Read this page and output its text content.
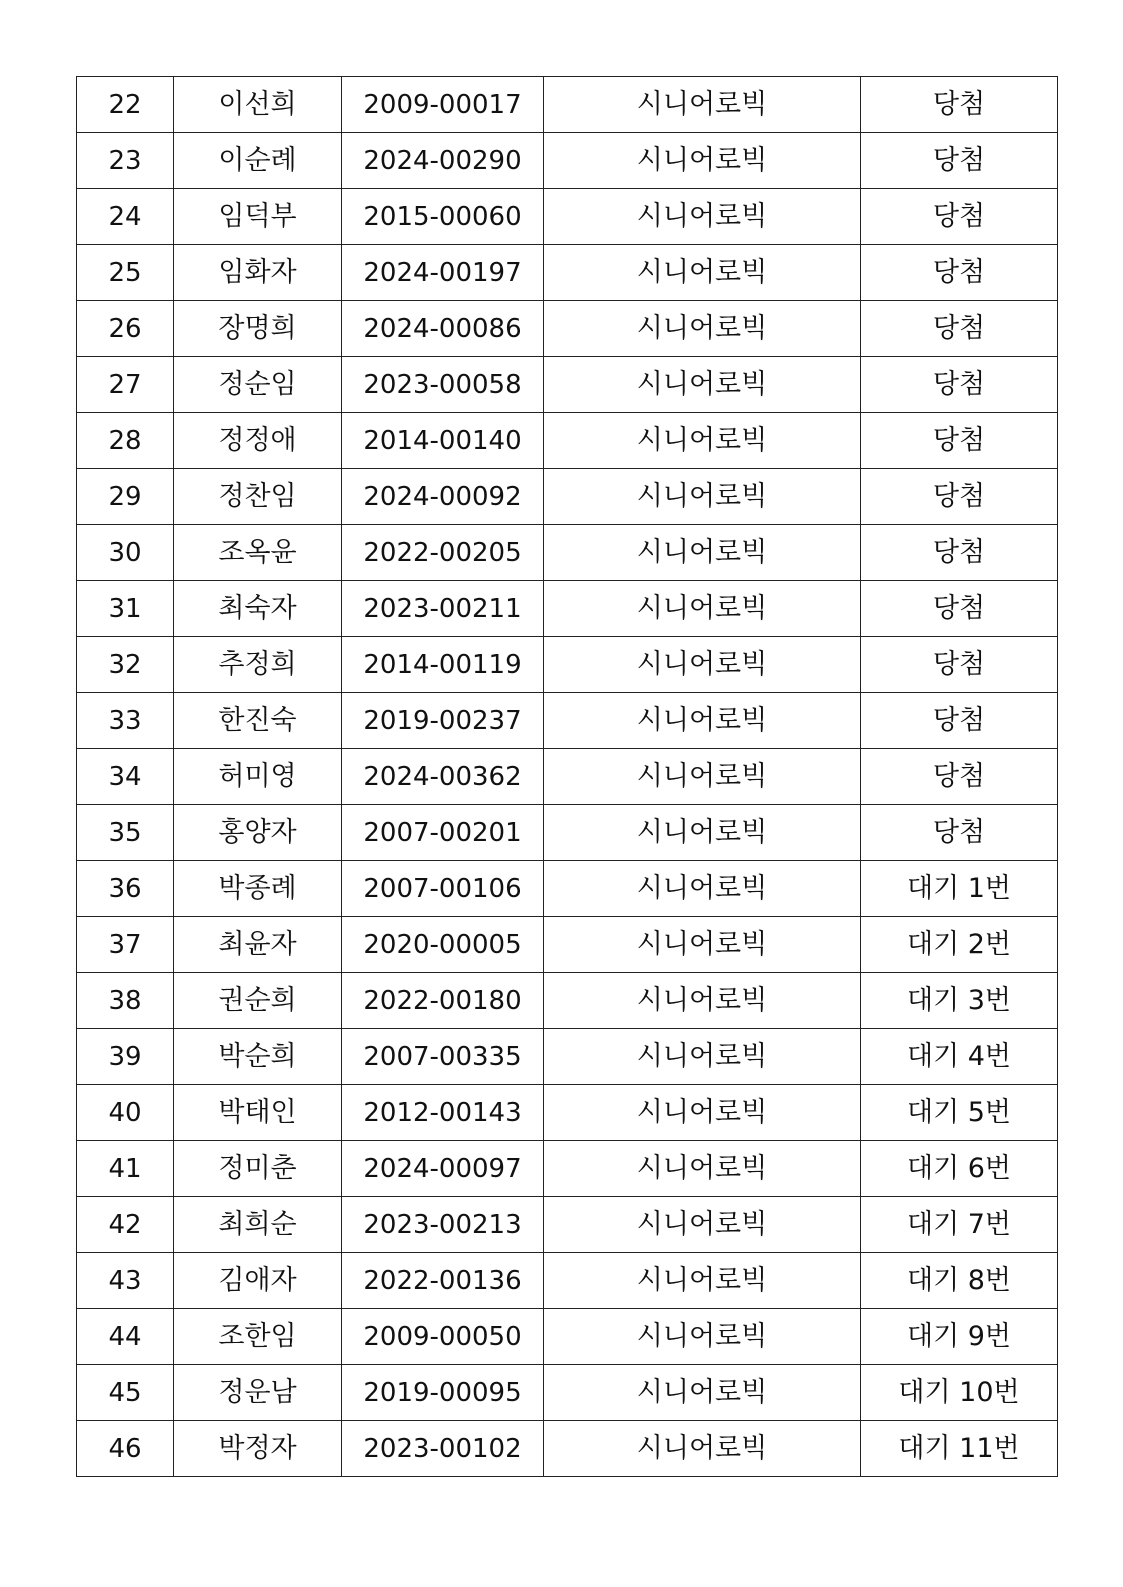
22	이선희	2009-00017	시니어로빅	당첨
23	이순례	2024-00290	시니어로빅	당첨
24	임덕부	2015-00060	시니어로빅	당첨
25	임화자	2024-00197	시니어로빅	당첨
26	장명희	2024-00086	시니어로빅	당첨
27	정순임	2023-00058	시니어로빅	당첨
28	정정애	2014-00140	시니어로빅	당첨
29	정찬임	2024-00092	시니어로빅	당첨
30	조옥윤	2022-00205	시니어로빅	당첨
31	최숙자	2023-00211	시니어로빅	당첨
32	추정희	2014-00119	시니어로빅	당첨
33	한진숙	2019-00237	시니어로빅	당첨
34	허미영	2024-00362	시니어로빅	당첨
35	홍양자	2007-00201	시니어로빅	당첨
36	박종례	2007-00106	시니어로빅	대기 1번
37	최윤자	2020-00005	시니어로빅	대기 2번
38	권순희	2022-00180	시니어로빅	대기 3번
39	박순희	2007-00335	시니어로빅	대기 4번
40	박태인	2012-00143	시니어로빅	대기 5번
41	정미춘	2024-00097	시니어로빅	대기 6번
42	최희순	2023-00213	시니어로빅	대기 7번
43	김애자	2022-00136	시니어로빅	대기 8번
44	조한임	2009-00050	시니어로빅	대기 9번
45	정운남	2019-00095	시니어로빅	대기 10번
46	박정자	2023-00102	시니어로빅	대기 11번
